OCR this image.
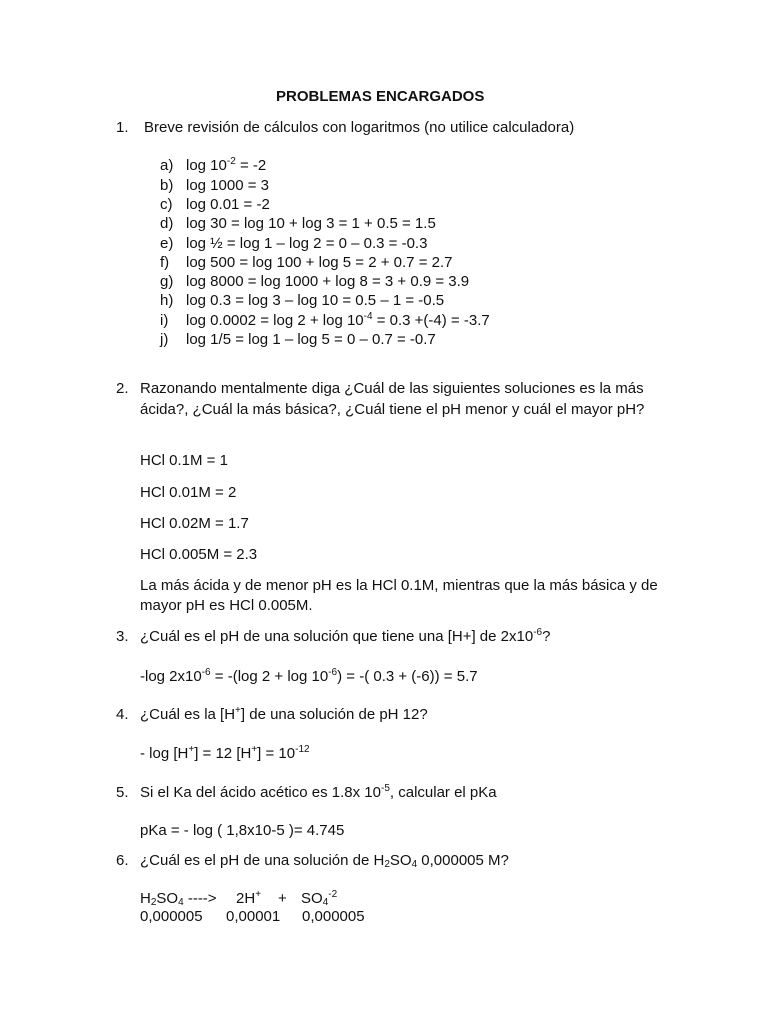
PROBLEMAS ENCARGADOS
1. Breve revisión de cálculos con logaritmos (no utilice calculadora)
a) $\log 10^{-2} = -2$
b) log 1000 = 3
c) log 0.01 = -2
d) log 30 = log 10 + log 3 = 1 + 0.5 = 1.5
e) log ½ = log 1 – log 2 = 0 – 0.3 = -0.3
f) log 500 = log 100 + log 5 = 2 + 0.7 = 2.7
g) log 8000 = log 1000 + log 8 = 3 + 0.9 = 3.9
h) log 0.3 = log 3 – log 10 = 0.5 – 1 = -0.5
i) $\log 0.0002 = \log 2 + \log 10^{-4} = 0.3 +(-4) = -3.7$
j) log 1/5 = log 1 – log 5 = 0 – 0.7 = -0.7
2. Razonando mentalmente diga ¿Cuál de las siguientes soluciones es la más
ácida?, ¿Cuál la más básica?, ¿Cuál tiene el pH menor y cuál el mayor pH?
HCl 0.1M = 1
HCl 0.01M = 2
HCl 0.02M = 1.7
HCl 0.005M = 2.3
La más ácida y de menor pH es la HCl 0.1M, mientras que la más básica y de
mayor pH es HCl 0.005M.
3. ¿Cuál es el pH de una solución que tiene una [H+] de $2x10^{-6}$?
-log $2x10^{-6} = -(\log$ $2 + \log 10^{-6}$) = -( 0.3 + (-6)) = 5.7
4. ¿Cuál es la [H+] de una solución de pH 12?
- log [H+] = 12 $[H^+] = 10^{-12}$
5. Si el Ka del ácido acético es 1.8x $10^{-5}$, calcular el pKa
pKa = - log ( 1,8x10-5 )= 4.745
6. ¿Cuál es el pH de una solución de $H_2SO_4$ 0,000005 M?
$H_2SO_4$ ----> $2H^+ + SO_4^{-2}$
0,000005 0,00001 0,000005
